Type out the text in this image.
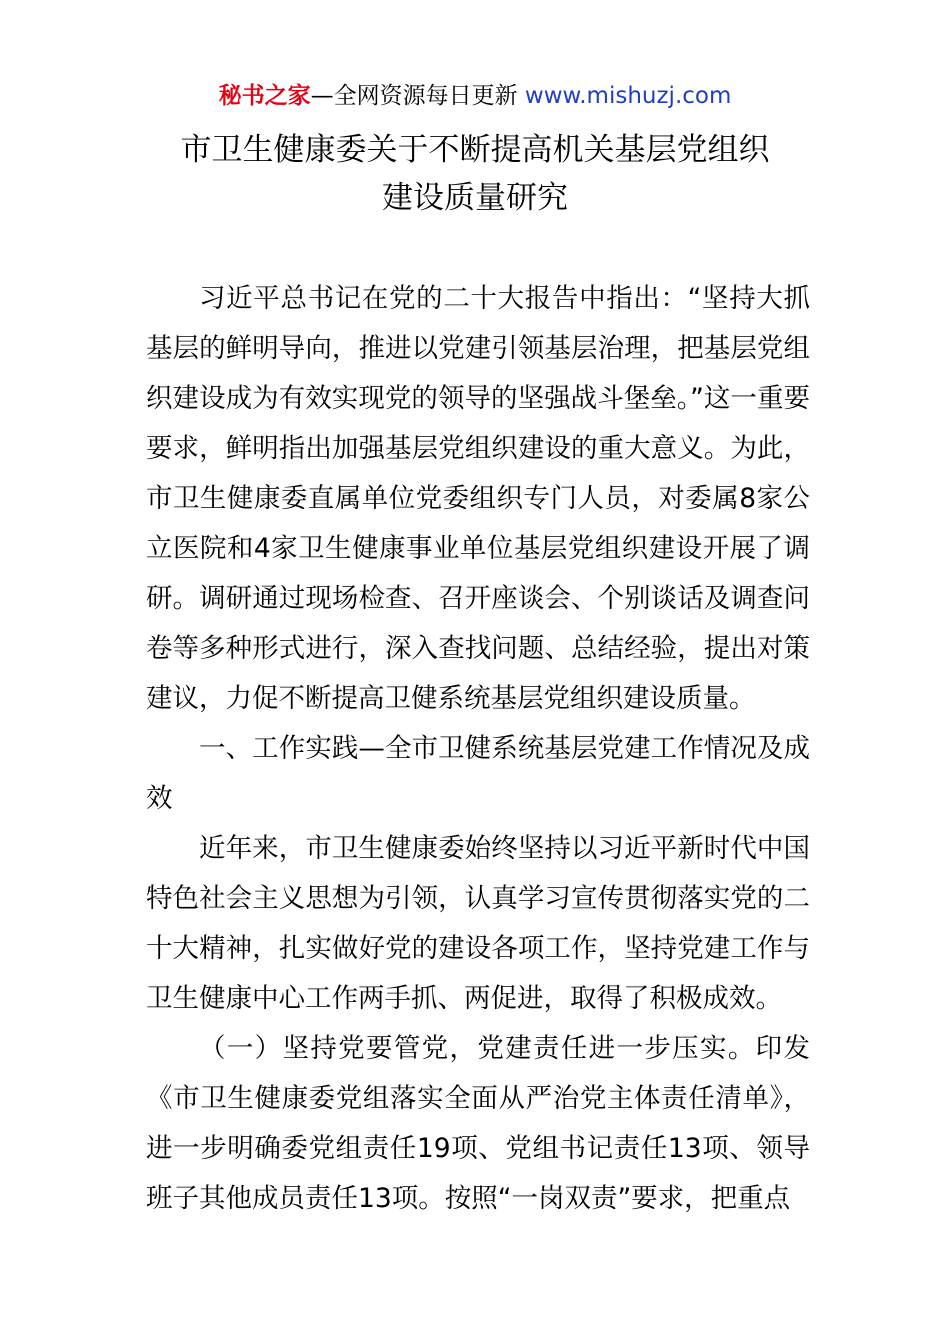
秘书之家—全网资源每日更新 www.mishuzj.com
市卫生健康委关于不断提高机关基层党组织
建设质量研究

习近平总书记在党的二十大报告中指出：“坚持大抓基层的鲜明导向，推进以党建引领基层治理，把基层党组织建设成为有效实现党的领导的坚强战斗堡垒。”这一重要要求，鲜明指出加强基层党组织建设的重大意义。为此，市卫生健康委直属单位党委组织专门人员，对委属8家公立医院和4家卫生健康事业单位基层党组织建设开展了调研。调研通过现场检查、召开座谈会、个别谈话及调查问卷等多种形式进行，深入查找问题、总结经验，提出对策建议，力促不断提高卫健系统基层党组织建设质量。

一、工作实践—全市卫健系统基层党建工作情况及成效

近年来，市卫生健康委始终坚持以习近平新时代中国特色社会主义思想为引领，认真学习宣传贯彻落实党的二十大精神，扎实做好党的建设各项工作，坚持党建工作与卫生健康中心工作两手抓、两促进，取得了积极成效。

（一）坚持党要管党，党建责任进一步压实。印发《市卫生健康委党组落实全面从严治党主体责任清单》，进一步明确委党组责任19项、党组书记责任13项、领导班子其他成员责任13项。按照“一岗双责”要求，把重点
